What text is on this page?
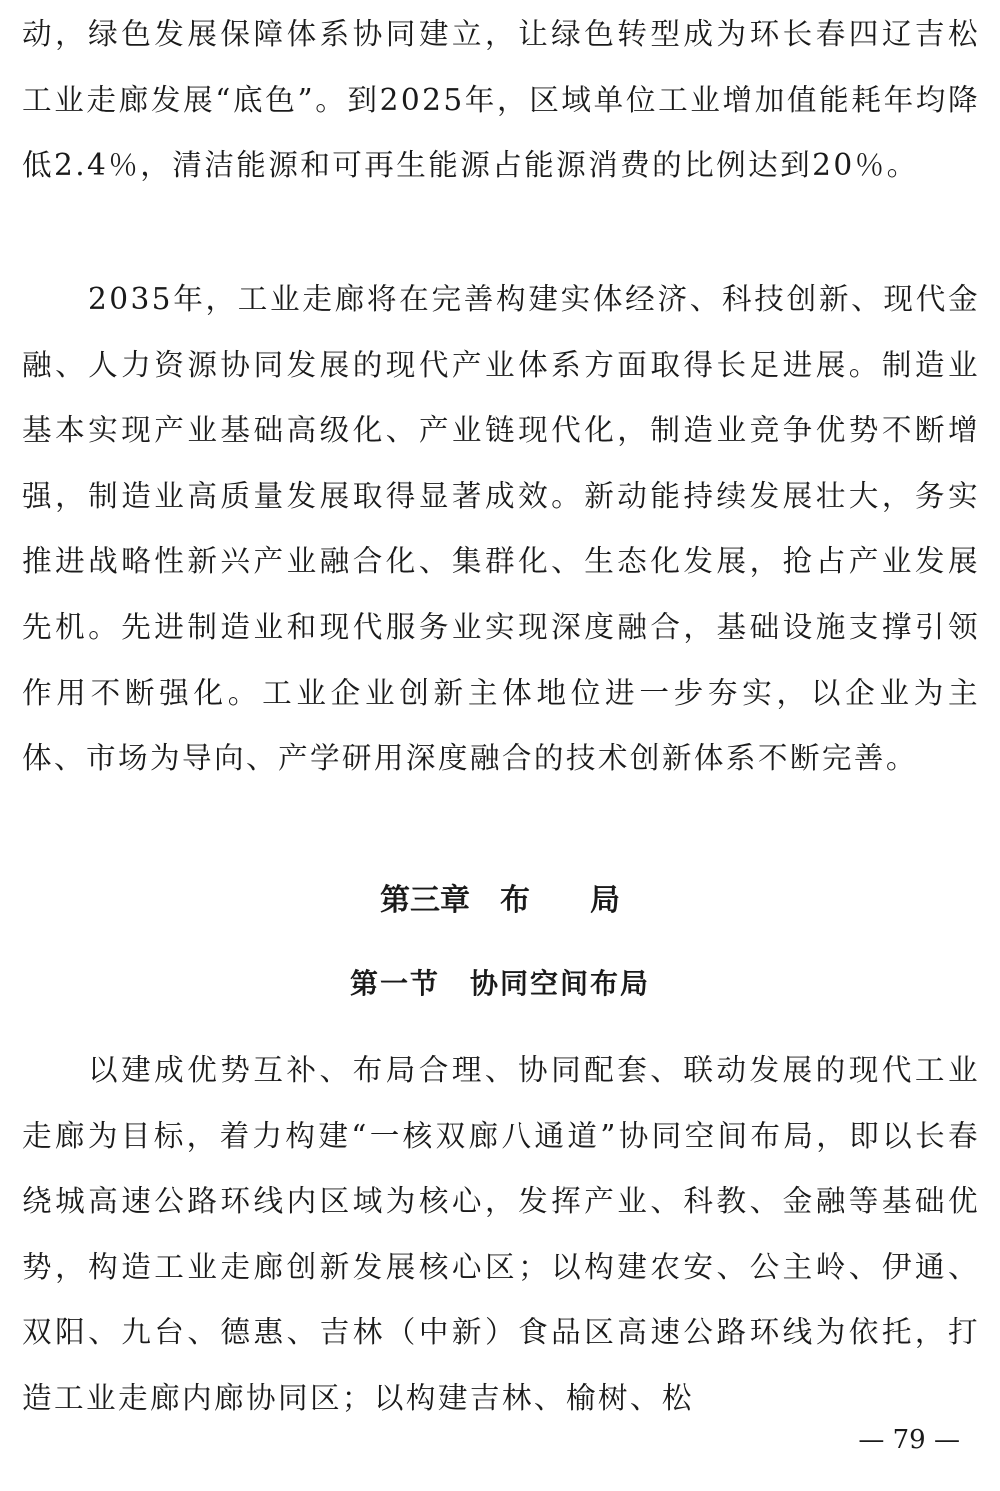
动，绿色发展保障体系协同建立，让绿色转型成为环长春四辽吉松工业走廊发展“底色”。到2025年，区域单位工业增加值能耗年均降低2.4％，清洁能源和可再生能源占能源消费的比例达到20％。

2035年，工业走廊将在完善构建实体经济、科技创新、现代金融、人力资源协同发展的现代产业体系方面取得长足进展。制造业基本实现产业基础高级化、产业链现代化，制造业竞争优势不断增强，制造业高质量发展取得显著成效。新动能持续发展壮大，务实推进战略性新兴产业融合化、集群化、生态化发展，抢占产业发展先机。先进制造业和现代服务业实现深度融合，基础设施支撑引领作用不断强化。工业企业创新主体地位进一步夯实，以企业为主体、市场为导向、产学研用深度融合的技术创新体系不断完善。

第三章　布　　局
第一节　协同空间布局

以建成优势互补、布局合理、协同配套、联动发展的现代工业走廊为目标，着力构建“一核双廊八通道”协同空间布局，即以长春绕城高速公路环线内区域为核心，发挥产业、科教、金融等基础优势，构造工业走廊创新发展核心区；以构建农安、公主岭、伊通、双阳、九台、德惠、吉林（中新）食品区高速公路环线为依托，打造工业走廊内廊协同区；以构建吉林、榆树、松

— 79 —
